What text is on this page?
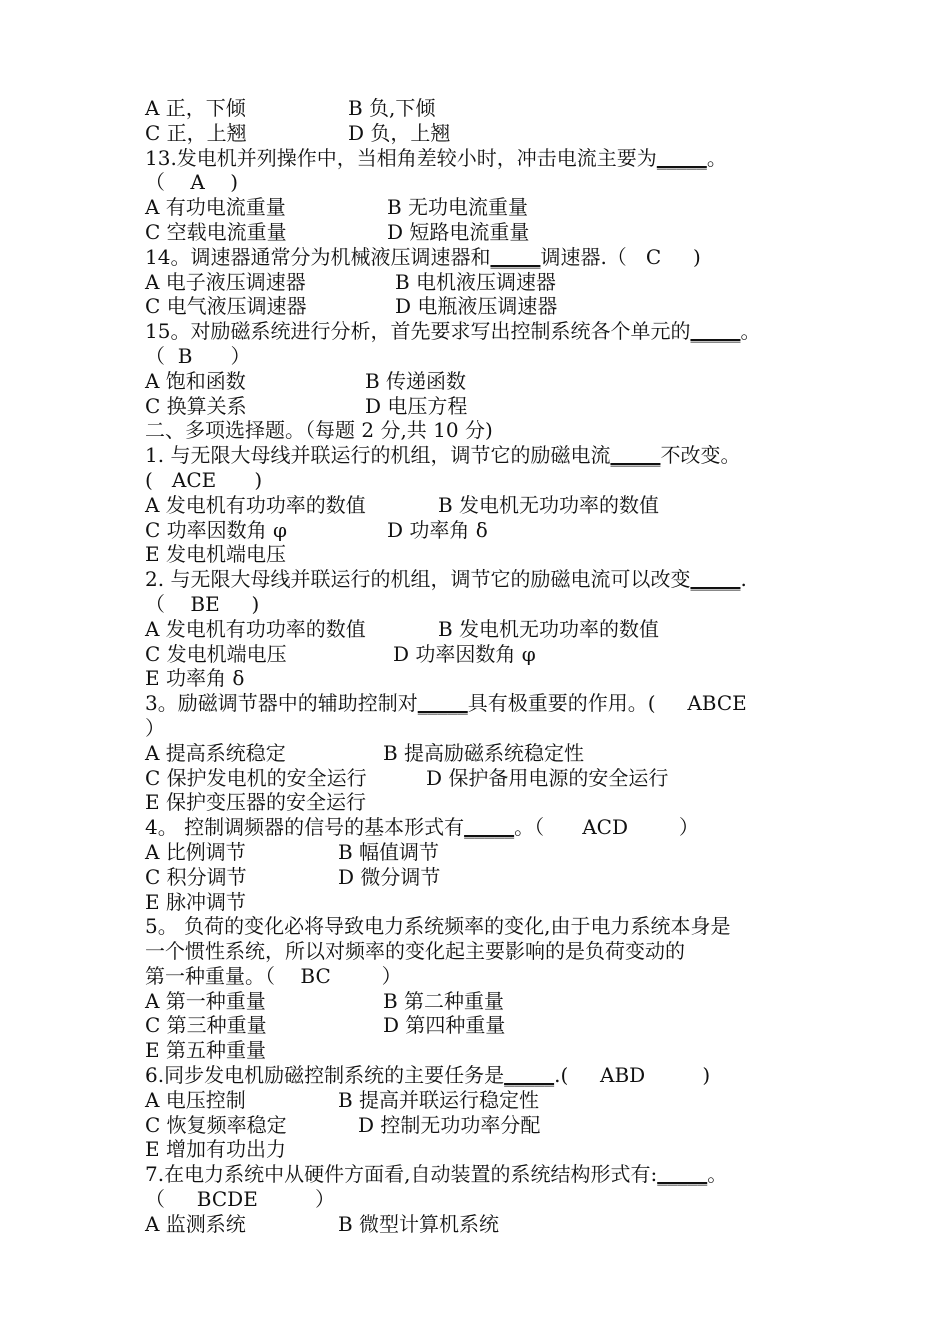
A 正，下倾	B 负,下倾
C 正，上翘	D 负，上翘
13.发电机并列操作中，当相角差较小时，冲击电流主要为_____。
（    A    )
A 有功电流重量	B 无功电流重量
C 空载电流重量	D 短路电流重量
14。调速器通常分为机械液压调速器和_____调速器.（   C     )
A 电子液压调速器	B 电机液压调速器
C 电气液压调速器	D 电瓶液压调速器
15。对励磁系统进行分析，首先要求写出控制系统各个单元的_____。
（  B      ）
A 饱和函数	B 传递函数
C 换算关系	D 电压方程
二、多项选择题。（每题 2 分,共 10 分)
1. 与无限大母线并联运行的机组，调节它的励磁电流_____不改变。
(   ACE      )
A 发电机有功功率的数值	B 发电机无功功率的数值
C 功率因数角 φ	D 功率角 δ
E 发电机端电压
2. 与无限大母线并联运行的机组，调节它的励磁电流可以改变_____.
（    BE     )
A 发电机有功功率的数值	B 发电机无功功率的数值
C 发电机端电压	D 功率因数角 φ
E 功率角 δ
3。励磁调节器中的辅助控制对_____具有极重要的作用。(     ABCE
）
A 提高系统稳定	B 提高励磁系统稳定性
C 保护发电机的安全运行	D 保护备用电源的安全运行
E 保护变压器的安全运行
4。 控制调频器的信号的基本形式有_____。（      ACD        ）
A 比例调节	B 幅值调节
C 积分调节	D 微分调节
E 脉冲调节
5。 负荷的变化必将导致电力系统频率的变化,由于电力系统本身是
一个惯性系统，所以对频率的变化起主要影响的是负荷变动的
第一种重量。（    BC        ）
A 第一种重量	B 第二种重量
C 第三种重量	D 第四种重量
E 第五种重量
6.同步发电机励磁控制系统的主要任务是_____.(     ABD         )
A 电压控制	B 提高并联运行稳定性
C 恢复频率稳定	D 控制无功功率分配
E 增加有功出力
7.在电力系统中从硬件方面看,自动装置的系统结构形式有:_____。
（     BCDE         ）
A 监测系统	B 微型计算机系统
